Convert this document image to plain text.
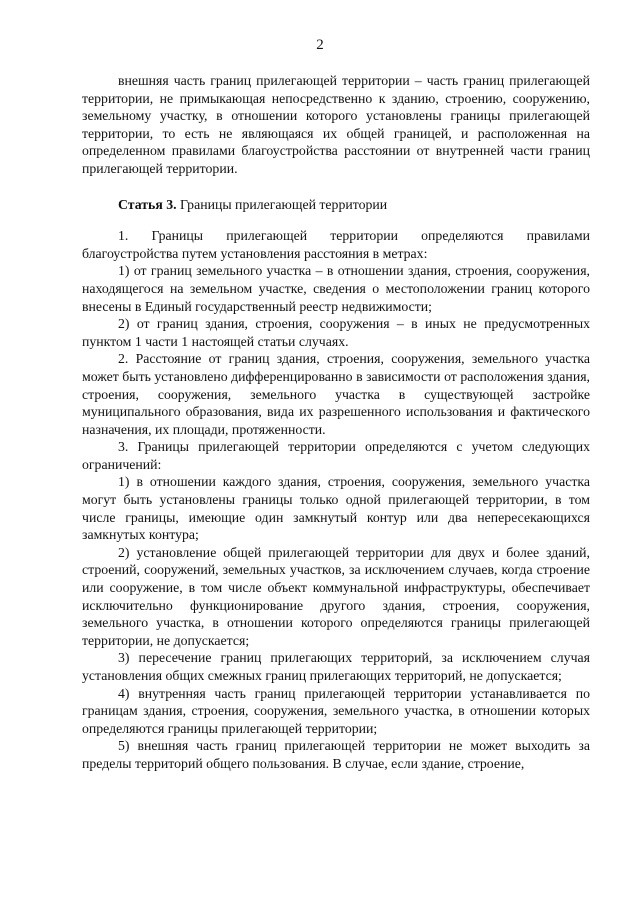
2

внешняя часть границ прилегающей территории – часть границ прилегающей территории, не примыкающая непосредственно к зданию, строению, сооружению, земельному участку, в отношении которого установлены границы прилегающей территории, то есть не являющаяся их общей границей, и расположенная на определенном правилами благоустройства расстоянии от внутренней части границ прилегающей территории.

Статья 3. Границы прилегающей территории

1. Границы прилегающей территории определяются правилами благоустройства путем установления расстояния в метрах:

1) от границ земельного участка – в отношении здания, строения, сооружения, находящегося на земельном участке, сведения о местоположении границ которого внесены в Единый государственный реестр недвижимости;

2) от границ здания, строения, сооружения – в иных не предусмотренных пунктом 1 части 1 настоящей статьи случаях.

2. Расстояние от границ здания, строения, сооружения, земельного участка может быть установлено дифференцированно в зависимости от расположения здания, строения, сооружения, земельного участка в существующей застройке муниципального образования, вида их разрешенного использования и фактического назначения, их площади, протяженности.

3. Границы прилегающей территории определяются с учетом следующих ограничений:

1) в отношении каждого здания, строения, сооружения, земельного участка могут быть установлены границы только одной прилегающей территории, в том числе границы, имеющие один замкнутый контур или два непересекающихся замкнутых контура;

2) установление общей прилегающей территории для двух и более зданий, строений, сооружений, земельных участков, за исключением случаев, когда строение или сооружение, в том числе объект коммунальной инфраструктуры, обеспечивает исключительно функционирование другого здания, строения, сооружения, земельного участка, в отношении которого определяются границы прилегающей территории, не допускается;

3) пересечение границ прилегающих территорий, за исключением случая установления общих смежных границ прилегающих территорий, не допускается;

4) внутренняя часть границ прилегающей территории устанавливается по границам здания, строения, сооружения, земельного участка, в отношении которых определяются границы прилегающей территории;

5) внешняя часть границ прилегающей территории не может выходить за пределы территорий общего пользования. В случае, если здание, строение,
